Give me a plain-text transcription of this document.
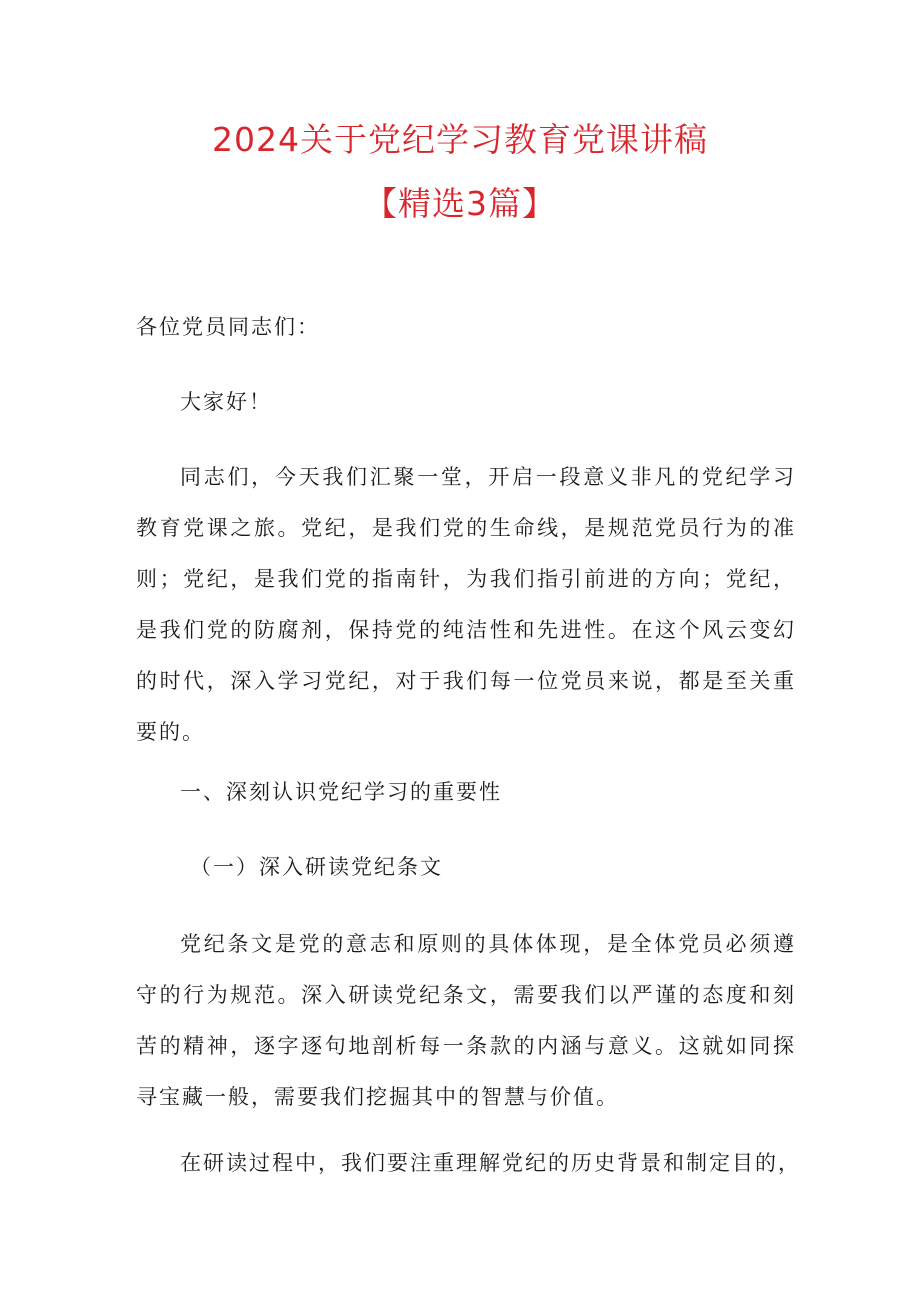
2024关于党纪学习教育党课讲稿
【精选3篇】
各位党员同志们：
大家好！
同志们，今天我们汇聚一堂，开启一段意义非凡的党纪学习
教育党课之旅。党纪，是我们党的生命线，是规范党员行为的准
则；党纪，是我们党的指南针，为我们指引前进的方向；党纪，
是我们党的防腐剂，保持党的纯洁性和先进性。在这个风云变幻
的时代，深入学习党纪，对于我们每一位党员来说，都是至关重
要的。
一、深刻认识党纪学习的重要性
（一）深入研读党纪条文
党纪条文是党的意志和原则的具体体现，是全体党员必须遵
守的行为规范。深入研读党纪条文，需要我们以严谨的态度和刻
苦的精神，逐字逐句地剖析每一条款的内涵与意义。这就如同探
寻宝藏一般，需要我们挖掘其中的智慧与价值。
在研读过程中，我们要注重理解党纪的历史背景和制定目的，
